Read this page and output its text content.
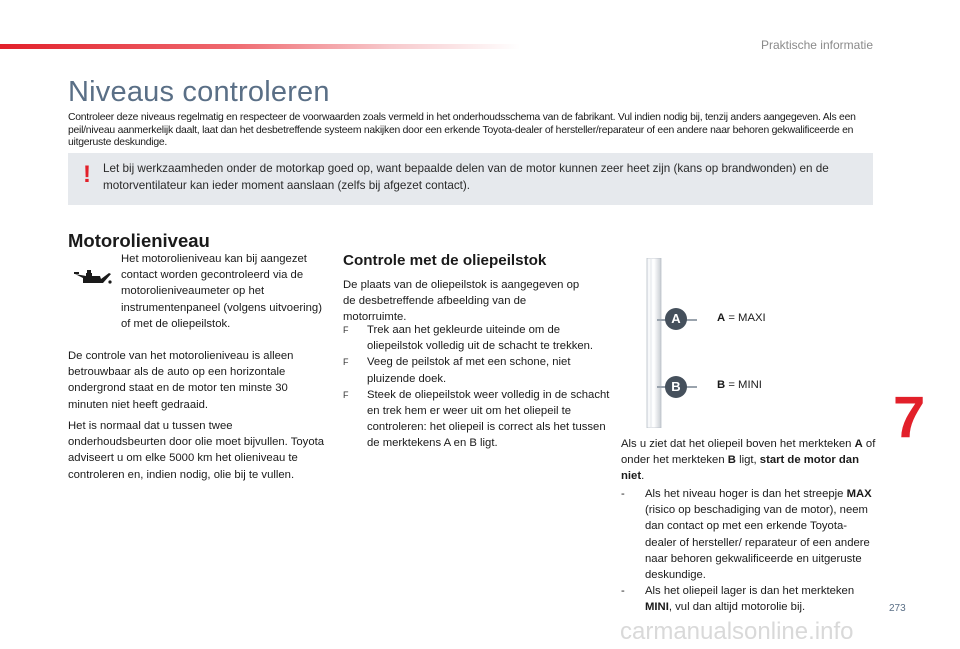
Praktische informatie
Niveaus controleren

Controleer deze niveaus regelmatig en respecteer de voorwaarden zoals vermeld in het onderhoudsschema van de fabrikant. Vul indien nodig bij, tenzij anders aangegeven. Als een peil/niveau aanmerkelijk daalt, laat dan het desbetreffende systeem nakijken door een erkende Toyota-dealer of hersteller/reparateur of een andere naar behoren gekwalificeerde en uitgeruste deskundige.

! Let bij werkzaamheden onder de motorkap goed op, want bepaalde delen van de motor kunnen zeer heet zijn (kans op brandwonden) en de motorventilateur kan ieder moment aanslaan (zelfs bij afgezet contact).

Motorolieniveau

Het motorolieniveau kan bij aangezet contact worden gecontroleerd via de motorolieniveaumeter op het instrumentenpaneel (volgens uitvoering) of met de oliepeilstok.

De controle van het motorolieniveau is alleen betrouwbaar als de auto op een horizontale ondergrond staat en de motor ten minste 30 minuten niet heeft gedraaid.

Het is normaal dat u tussen twee onderhoudsbeurten door olie moet bijvullen. Toyota adviseert u om elke 5000 km het olieniveau te controleren en, indien nodig, olie bij te vullen.

Controle met de oliepeilstok

De plaats van de oliepeilstok is aangegeven op de desbetreffende afbeelding van de motorruimte.

F Trek aan het gekleurde uiteinde om de oliepeilstok volledig uit de schacht te trekken.
F Veeg de peilstok af met een schone, niet pluizende doek.
F Steek de oliepeilstok weer volledig in de schacht en trek hem er weer uit om het oliepeil te controleren: het oliepeil is correct als het tussen de merktekens A en B ligt.
A
B
A = MAXI
B = MINI

Als u ziet dat het oliepeil boven het merkteken A of onder het merkteken B ligt, start de motor dan niet.

- Als het niveau hoger is dan het streepje MAX (risico op beschadiging van de motor), neem dan contact op met een erkende Toyota-dealer of hersteller/ reparateur of een andere naar behoren gekwalificeerde en uitgeruste deskundige.
- Als het oliepeil lager is dan het merkteken MINI, vul dan altijd motorolie bij.
7
273
carmanualsonline.info
